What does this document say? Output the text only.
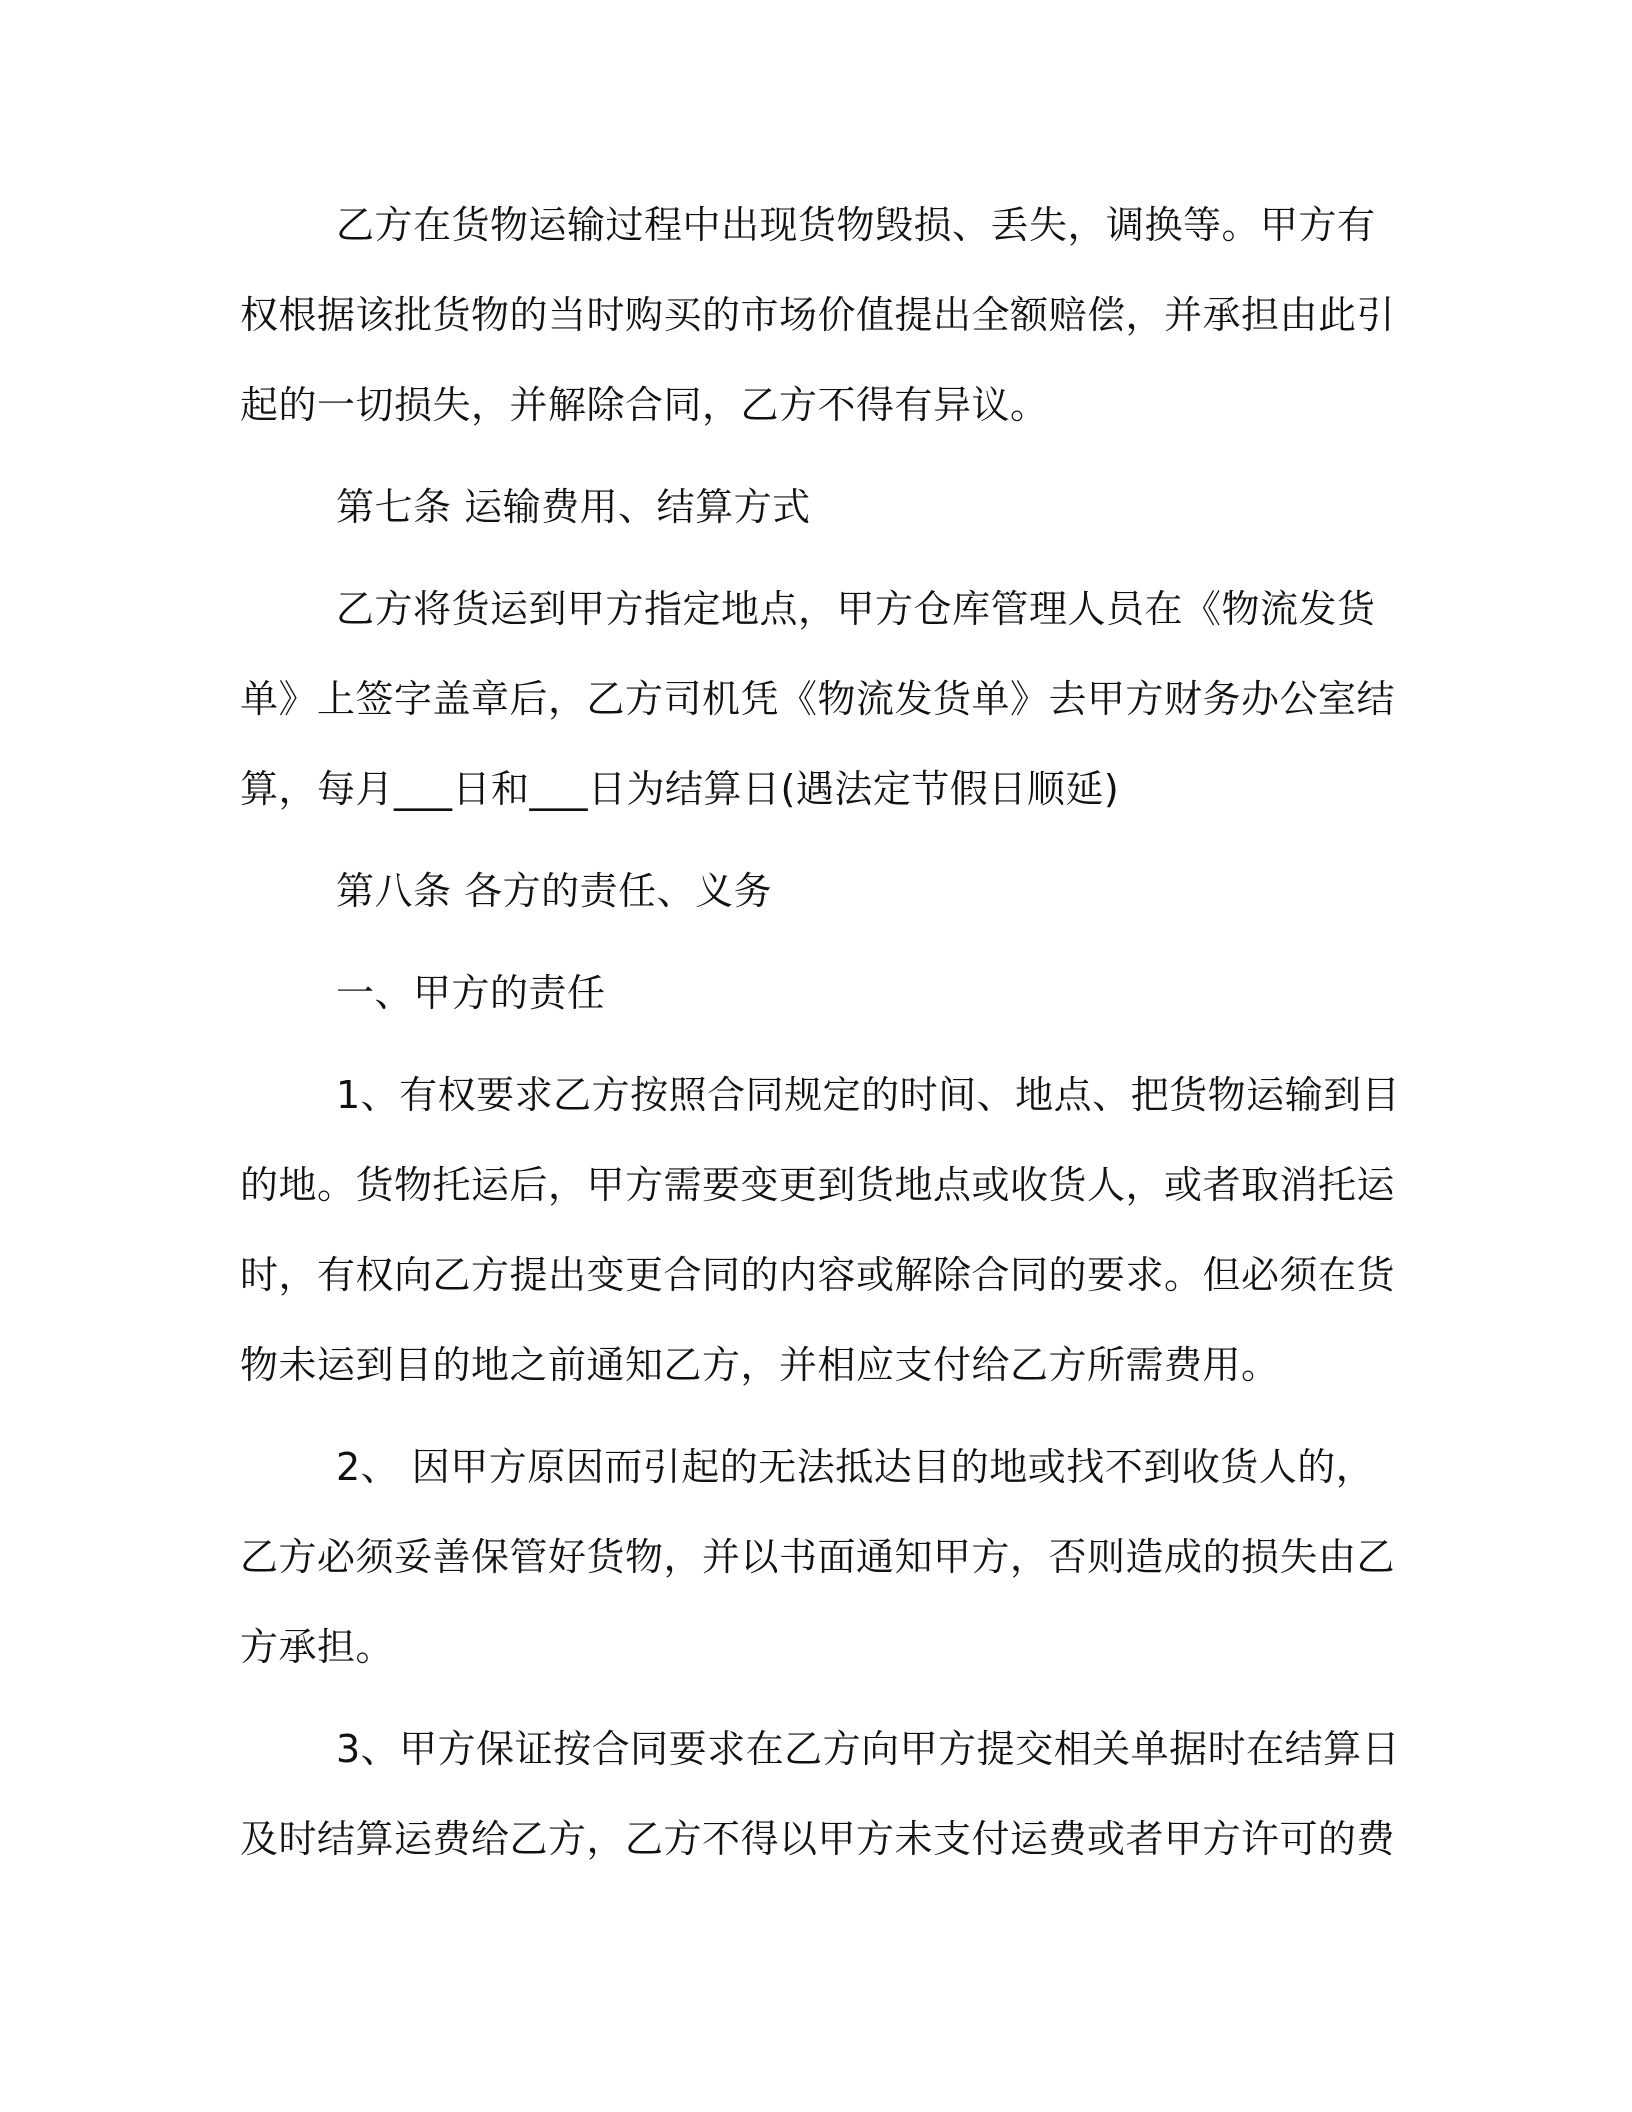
乙方在货物运输过程中出现货物毁损、丢失，调换等。甲方有权根据该批货物的当时购买的市场价值提出全额赔偿，并承担由此引起的一切损失，并解除合同，乙方不得有异议。

第七条 运输费用、结算方式

乙方将货运到甲方指定地点，甲方仓库管理人员在《物流发货单》上签字盖章后，乙方司机凭《物流发货单》去甲方财务办公室结算，每月___日和___日为结算日(遇法定节假日顺延)

第八条 各方的责任、义务

一、甲方的责任

1、有权要求乙方按照合同规定的时间、地点、把货物运输到目的地。货物托运后，甲方需要变更到货地点或收货人，或者取消托运时，有权向乙方提出变更合同的内容或解除合同的要求。但必须在货物未运到目的地之前通知乙方，并相应支付给乙方所需费用。

2、 因甲方原因而引起的无法抵达目的地或找不到收货人的，乙方必须妥善保管好货物，并以书面通知甲方，否则造成的损失由乙方承担。

3、甲方保证按合同要求在乙方向甲方提交相关单据时在结算日及时结算运费给乙方，乙方不得以甲方未支付运费或者甲方许可的费
